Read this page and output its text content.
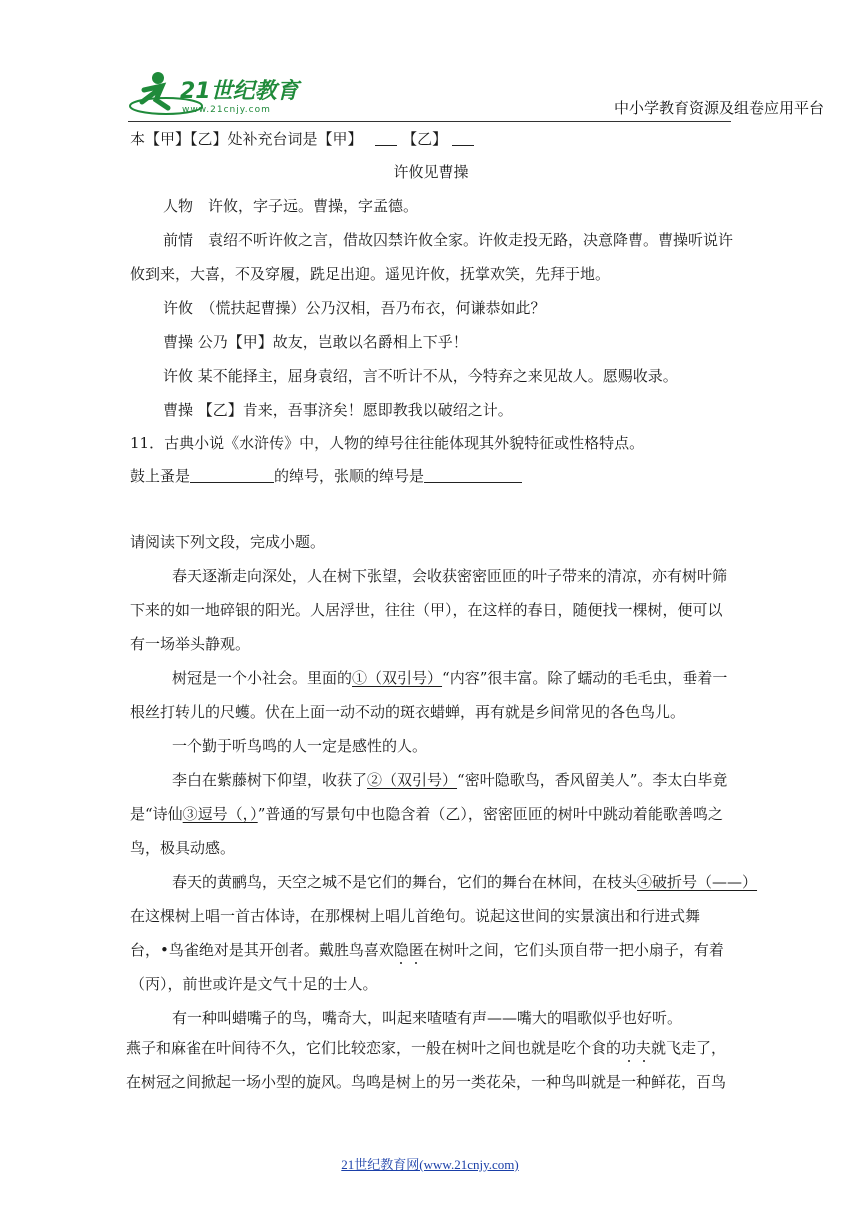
21世纪教育
www.21cnjy.com	中小学教育资源及组卷应用平台
本【甲】【乙】处补充台词是【甲】	【乙】
许攸见曹操
人物　许攸，字子远。曹操，字孟德。
前情　袁绍不听许攸之言，借故囚禁许攸全家。许攸走投无路，决意降曹。曹操听说许
攸到来，大喜，不及穿履，跣足出迎。遥见许攸，抚掌欢笑，先拜于地。
许攸　（慌扶起曹操）公乃汉相，吾乃布衣，何谦恭如此？
曹操 公乃【甲】故友，岂敢以名爵相上下乎！
许攸 某不能择主，屈身袁绍，言不听计不从，今特弃之来见故人。愿赐收录。
曹操 【乙】肯来，吾事济矣！愿即教我以破绍之计。
11．古典小说《水浒传》中，人物的绰号往往能体现其外貌特征或性格特点。
鼓上蚤是	的绰号，张顺的绰号是
请阅读下列文段，完成小题。
春天逐渐走向深处，人在树下张望，会收获密密匝匝的叶子带来的清凉，亦有树叶筛
下来的如一地碎银的阳光。人居浮世，往往（甲），在这样的春日，随便找一棵树，便可以
有一场举头静观。
树冠是一个小社会。里面的①（双引号）“内容”很丰富。除了蠕动的毛毛虫，垂着一
根丝打转儿的尺蠖。伏在上面一动不动的斑衣蜡蝉，再有就是乡间常见的各色鸟儿。
一个勤于听鸟鸣的人一定是感性的人。
李白在紫藤树下仰望，收获了②（双引号）“密叶隐歌鸟，香风留美人”。李太白毕竟
是“诗仙③逗号（，）”普通的写景句中也隐含着（乙），密密匝匝的树叶中跳动着能歌善鸣之
鸟，极具动感。
春天的黄鹂鸟，天空之城不是它们的舞台，它们的舞台在林间，在枝头④破折号（——）
在这棵树上唱一首古体诗，在那棵树上唱儿首绝句。说起这世间的实景演出和行进式舞
台，•鸟雀绝对是其开创者。戴胜鸟喜欢隐匿在树叶之间，它们头顶自带一把小扇子，有着
（丙），前世或许是文气十足的士人。
有一种叫蜡嘴子的鸟，嘴奇大，叫起来喳喳有声——嘴大的唱歌似乎也好听。
燕子和麻雀在叶间待不久，它们比较恋家，一般在树叶之间也就是吃个食的功夫就飞走了，
在树冠之间掀起一场小型的旋风。鸟鸣是树上的另一类花朵，一种鸟叫就是一种鲜花，百鸟
21世纪教育网(www.21cnjy.com)
